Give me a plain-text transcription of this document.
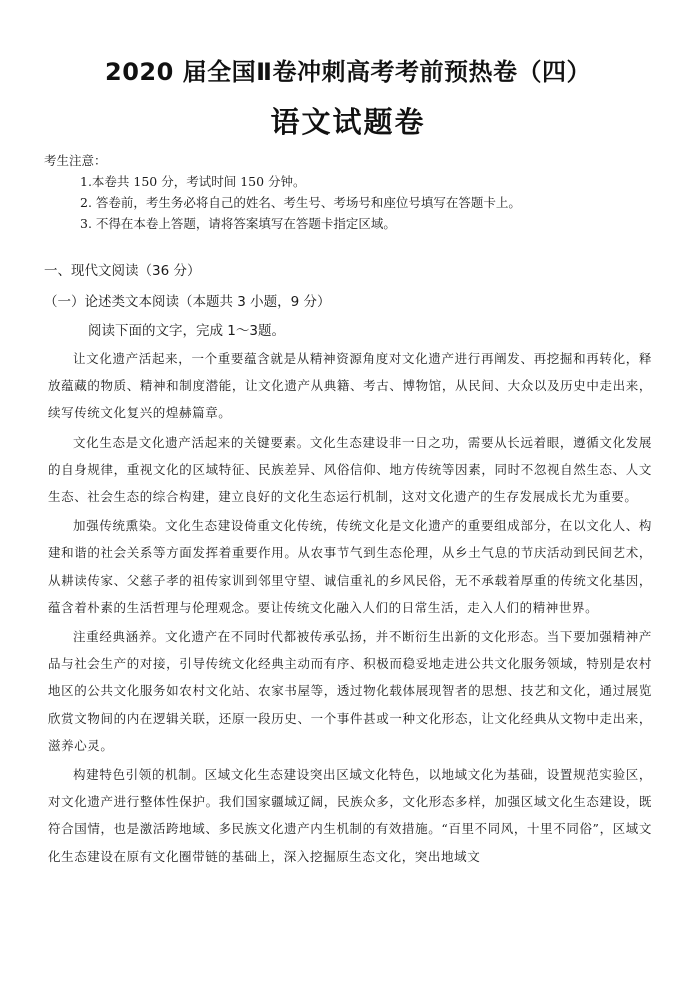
2020 届全国Ⅱ卷冲刺高考考前预热卷（四）
语文试题卷
考生注意：
1.本卷共 150 分，考试时间 150 分钟。
2. 答卷前，考生务必将自己的姓名、考生号、考场号和座位号填写在答题卡上。
3. 不得在本卷上答题，请将答案填写在答题卡指定区域。
一、现代文阅读（36 分）
（一）论述类文本阅读（本题共 3 小题，9 分）
阅读下面的文字，完成 1～3题。

让文化遗产活起来，一个重要蕴含就是从精神资源角度对文化遗产进行再阐发、再挖掘和再转化，释放蕴藏的物质、精神和制度潜能，让文化遗产从典籍、考古、博物馆，从民间、大众以及历史中走出来，续写传统文化复兴的煌赫篇章。

文化生态是文化遗产活起来的关键要素。文化生态建设非一日之功，需要从长远着眼，遵循文化发展的自身规律，重视文化的区域特征、民族差异、风俗信仰、地方传统等因素，同时不忽视自然生态、人文生态、社会生态的综合构建，建立良好的文化生态运行机制，这对文化遗产的生存发展成长尤为重要。

加强传统熏染。文化生态建设倚重文化传统，传统文化是文化遗产的重要组成部分，在以文化人、构建和谐的社会关系等方面发挥着重要作用。从农事节气到生态伦理，从乡土气息的节庆活动到民间艺术，从耕读传家、父慈子孝的祖传家训到邻里守望、诚信重礼的乡风民俗，无不承载着厚重的传统文化基因，蕴含着朴素的生活哲理与伦理观念。要让传统文化融入人们的日常生活，走入人们的精神世界。

注重经典涵养。文化遗产在不同时代都被传承弘扬，并不断衍生出新的文化形态。当下要加强精神产品与社会生产的对接，引导传统文化经典主动而有序、积极而稳妥地走进公共文化服务领域，特别是农村地区的公共文化服务如农村文化站、农家书屋等，透过物化载体展现智者的思想、技艺和文化，通过展览欣赏文物间的内在逻辑关联，还原一段历史、一个事件甚或一种文化形态，让文化经典从文物中走出来，滋养心灵。

构建特色引领的机制。区域文化生态建设突出区域文化特色，以地域文化为基础，设置规范实验区，对文化遗产进行整体性保护。我们国家疆域辽阔，民族众多，文化形态多样，加强区域文化生态建设，既符合国情，也是激活跨地域、多民族文化遗产内生机制的有效措施。“百里不同风，十里不同俗”，区域文化生态建设在原有文化圈带链的基础上，深入挖掘原生态文化，突出地域文
